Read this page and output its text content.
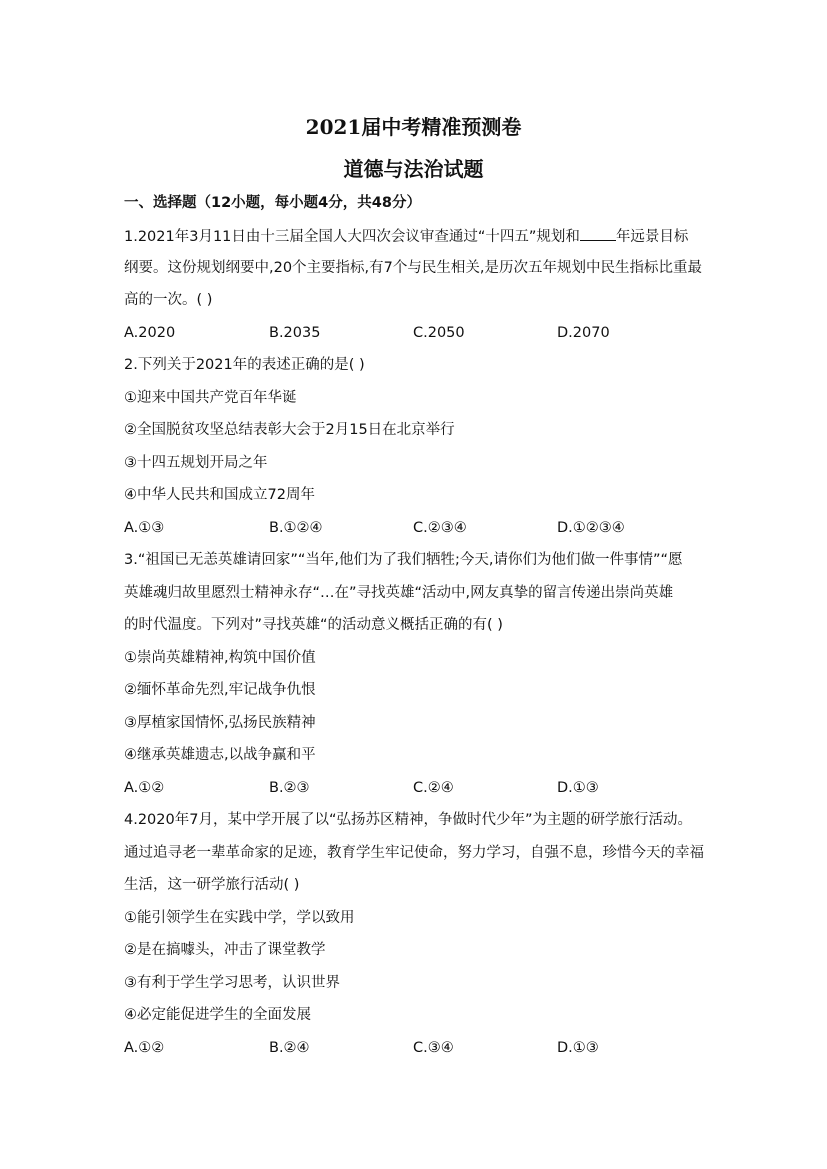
2021届中考精准预测卷
道德与法治试题
一、选择题（12小题，每小题4分，共48分）
1.2021年3月11日由十三届全国人大四次会议审查通过“十四五”规划和 年远景目标
纲要。这份规划纲要中,20个主要指标,有7个与民生相关,是历次五年规划中民生指标比重最
高的一次。( )
A.2020	B.2035	C.2050	D.2070
2.下列关于2021年的表述正确的是( )
①迎来中国共产党百年华诞
②全国脱贫攻坚总结表彰大会于2月15日在北京举行
③十四五规划开局之年
④中华人民共和国成立72周年
A.①③	B.①②④	C.②③④	D.①②③④
3.“祖国已无恙英雄请回家”“当年,他们为了我们牺牲;今天,请你们为他们做一件事情”“愿
英雄魂归故里愿烈士精神永存“…在”寻找英雄“活动中,网友真挚的留言传递出崇尚英雄
的时代温度。下列对”寻找英雄“的活动意义概括正确的有( )
①崇尚英雄精神,构筑中国价值
②缅怀革命先烈,牢记战争仇恨
③厚植家国情怀,弘扬民族精神
④继承英雄遗志,以战争赢和平
A.①②	B.②③	C.②④	D.①③
4.2020年7月，某中学开展了以“弘扬苏区精神，争做时代少年”为主题的研学旅行活动。
通过追寻老一辈革命家的足迹，教育学生牢记使命，努力学习，自强不息，珍惜今天的幸福
生活，这一研学旅行活动( )
①能引领学生在实践中学，学以致用
②是在搞噱头，冲击了课堂教学
③有利于学生学习思考，认识世界
④必定能促进学生的全面发展
A.①②	B.②④	C.③④	D.①③
